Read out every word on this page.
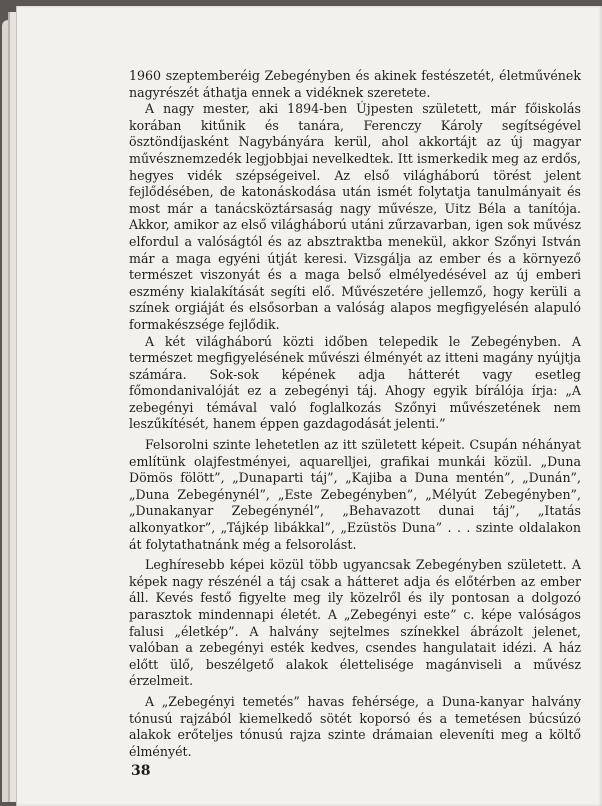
1960 szeptemberéig Zebegényben és akinek festészetét, életművének nagyrészét áthatja ennek a vidéknek szeretete.

A nagy mester, aki 1894-ben Újpesten született, már főiskolás korában kitűnik és tanára, Ferenczy Károly segítségével ösztöndíjasként Nagybányára kerül, ahol akkortájt az új magyar művésznemzedék legjobbjai nevelkedtek. Itt ismerkedik meg az erdős, hegyes vidék szépségeivel. Az első világháború törést jelent fejlődésében, de katonáskodása után ismét folytatja tanulmányait és most már a tanácsköztársaság nagy művésze, Uitz Béla a tanítója. Akkor, amikor az első világháború utáni zűrzavarban, igen sok művész elfordul a valóságtól és az absztraktba menekül, akkor Szőnyi István már a maga egyéni útját keresi. Vizsgálja az ember és a környező természet viszonyát és a maga belső elmélyedésével az új emberi eszmény kialakítását segíti elő. Művészetére jellemző, hogy kerüli a színek orgiáját és elsősorban a valóság alapos megfigyelésén alapuló formakészsége fejlődik.

A két világháború közti időben telepedik le Zebegényben. A természet megfigyelésének művészi élményét az itteni magány nyújtja számára. Sok-sok képének adja hátterét vagy esetleg főmondanivalóját ez a zebegényi táj. Ahogy egyik bírálója írja: „A zebegényi témával való foglalkozás Szőnyi művészetének nem leszűkítését, hanem éppen gazdagodását jelenti.”

Felsorolni szinte lehetetlen az itt született képeit. Csupán néhányat említünk olajfestményei, aquarelljei, grafikai munkái közül. „Duna Dömös fölött”, „Dunaparti táj”, „Kajiba a Duna mentén”, „Dunán”, „Duna Zebegénynél”, „Este Zebegényben”, „Mélyút Zebegényben”, „Dunakanyar Zebegénynél”, „Behavazott dunai táj”, „Itatás alkonyatkor”, „Tájkép libákkal”, „Ezüstös Duna” . . . szinte oldalakon át folytathatnánk még a felsorolást.

Leghíresebb képei közül több ugyancsak Zebegényben született. A képek nagy részénél a táj csak a hátteret adja és előtérben az ember áll. Kevés festő figyelte meg ily közelről és ily pontosan a dolgozó parasztok mindennapi életét. A „Zebegényi este” c. képe valóságos falusi „életkép”. A halvány sejtelmes színekkel ábrázolt jelenet, valóban a zebegényi esték kedves, csendes hangulatait idézi. A ház előtt ülő, beszélgető alakok élettelisége magánviseli a művész érzelmeit.

A „Zebegényi temetés” havas fehérsége, a Duna-kanyar halvány tónusú rajzából kiemelkedő sötét koporsó és a temetésen búcsúzó alakok erőteljes tónusú rajza szinte drámaian eleveníti meg a költő élményét.

38
